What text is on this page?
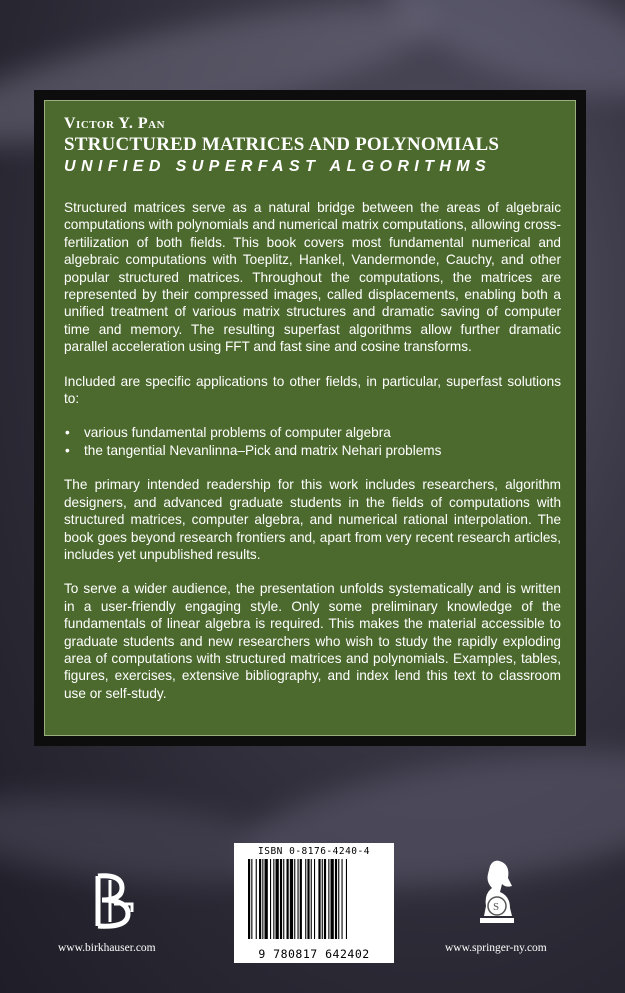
Victor Y. Pan
STRUCTURED MATRICES AND POLYNOMIALS
UNIFIED SUPERFAST ALGORITHMS

Structured matrices serve as a natural bridge between the areas of algebraic computations with polynomials and numerical matrix computations, allowing cross-fertilization of both fields. This book covers most fundamental numerical and algebraic computations with Toeplitz, Hankel, Vandermonde, Cauchy, and other popular structured matrices. Throughout the computations, the matrices are represented by their compressed images, called displacements, enabling both a unified treatment of various matrix structures and dramatic saving of computer time and memory. The resulting superfast algorithms allow further dramatic parallel acceleration using FFT and fast sine and cosine transforms.

Included are specific applications to other fields, in particular, superfast solutions to:

• various fundamental problems of computer algebra
• the tangential Nevanlinna–Pick and matrix Nehari problems

The primary intended readership for this work includes researchers, algorithm designers, and advanced graduate students in the fields of computations with structured matrices, computer algebra, and numerical rational interpolation. The book goes beyond research frontiers and, apart from very recent research articles, includes yet unpublished results.

To serve a wider audience, the presentation unfolds systematically and is written in a user-friendly engaging style. Only some preliminary knowledge of the fundamentals of linear algebra is required. This makes the material accessible to graduate students and new researchers who wish to study the rapidly exploding area of computations with structured matrices and polynomials. Examples, tables, figures, exercises, extensive bibliography, and index lend this text to classroom use or self-study.

ISBN 0-8176-4240-4
9 780817 642402
S
www.birkhauser.com	www.springer-ny.com
